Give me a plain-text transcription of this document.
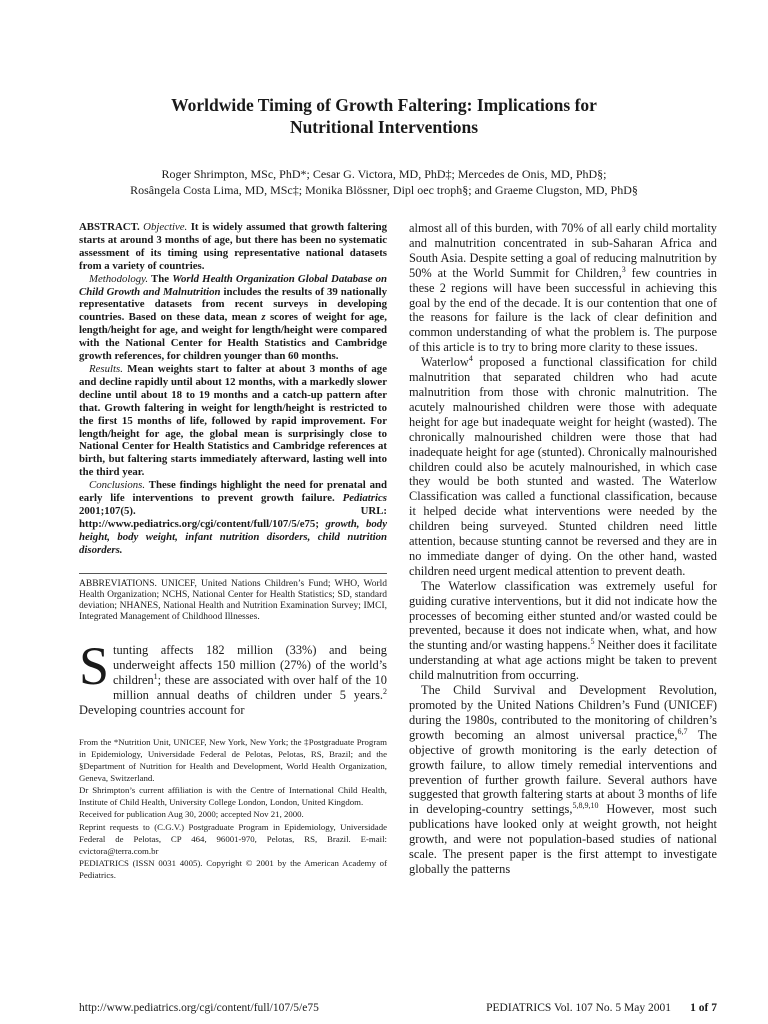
Worldwide Timing of Growth Faltering: Implications for
Nutritional Interventions
Roger Shrimpton, MSc, PhD*; Cesar G. Victora, MD, PhD‡; Mercedes de Onis, MD, PhD§;
Rosângela Costa Lima, MD, MSc‡; Monika Blössner, Dipl oec troph§; and Graeme Clugston, MD, PhD§

ABSTRACT. Objective. It is widely assumed that growth faltering starts at around 3 months of age, but there has been no systematic assessment of its timing using representative national datasets from a variety of countries.

Methodology. The World Health Organization Global Database on Child Growth and Malnutrition includes the results of 39 nationally representative datasets from recent surveys in developing countries. Based on these data, mean z scores of weight for age, length/height for age, and weight for length/height were compared with the National Center for Health Statistics and Cambridge growth references, for children younger than 60 months.

Results. Mean weights start to falter at about 3 months of age and decline rapidly until about 12 months, with a markedly slower decline until about 18 to 19 months and a catch-up pattern after that. Growth faltering in weight for length/height is restricted to the first 15 months of life, followed by rapid improvement. For length/height for age, the global mean is surprisingly close to National Center for Health Statistics and Cambridge references at birth, but faltering starts immediately afterward, lasting well into the third year.

Conclusions. These findings highlight the need for prenatal and early life interventions to prevent growth failure. Pediatrics 2001;107(5). URL: http://www.pediatrics.org/cgi/content/full/107/5/e75; growth, body height, body weight, infant nutrition disorders, child nutrition disorders.

ABBREVIATIONS. UNICEF, United Nations Children’s Fund; WHO, World Health Organization; NCHS, National Center for Health Statistics; SD, standard deviation; NHANES, National Health and Nutrition Examination Survey; IMCI, Integrated Management of Childhood Illnesses.
Stunting affects 182 million (33%) and being underweight affects 150 million (27%) of the world’s children$^1$; these are associated with over half of the 10 million annual deaths of children under 5 years.$^2$ Developing countries account for

From the *Nutrition Unit, UNICEF, New York, New York; the ‡Postgraduate Program in Epidemiology, Universidade Federal de Pelotas, Pelotas, RS, Brazil; and the §Department of Nutrition for Health and Development, World Health Organization, Geneva, Switzerland.

Dr Shrimpton’s current affiliation is with the Centre of International Child Health, Institute of Child Health, University College London, London, United Kingdom.

Received for publication Aug 30, 2000; accepted Nov 21, 2000.

Reprint requests to (C.G.V.) Postgraduate Program in Epidemiology, Universidade Federal de Pelotas, CP 464, 96001-970, Pelotas, RS, Brazil. E-mail: cvictora@terra.com.br

PEDIATRICS (ISSN 0031 4005). Copyright © 2001 by the American Academy of Pediatrics.

almost all of this burden, with 70% of all early child mortality and malnutrition concentrated in sub-Saharan Africa and South Asia. Despite setting a goal of reducing malnutrition by 50% at the World Summit for Children,$^3$ few countries in these 2 regions will have been successful in achieving this goal by the end of the decade. It is our contention that one of the reasons for failure is the lack of clear definition and common understanding of what the problem is. The purpose of this article is to try to bring more clarity to these issues.

Waterlow$^4$ proposed a functional classification for child malnutrition that separated children who had acute malnutrition from those with chronic malnutrition. The acutely malnourished children were those with adequate height for age but inadequate weight for height (wasted). The chronically malnourished children were those that had inadequate height for age (stunted). Chronically malnourished children could also be acutely malnourished, in which case they would be both stunted and wasted. The Waterlow Classification was called a functional classification, because it helped decide what interventions were needed by the children being surveyed. Stunted children need little attention, because stunting cannot be reversed and they are in no immediate danger of dying. On the other hand, wasted children need urgent medical attention to prevent death.

The Waterlow classification was extremely useful for guiding curative interventions, but it did not indicate how the processes of becoming either stunted and/or wasted could be prevented, because it does not indicate when, what, and how the stunting and/or wasting happens.$^5$ Neither does it facilitate understanding at what age actions might be taken to prevent child malnutrition from occurring.

The Child Survival and Development Revolution, promoted by the United Nations Children’s Fund (UNICEF) during the 1980s, contributed to the monitoring of children’s growth becoming an almost universal practice,$^{6,7}$ The objective of growth monitoring is the early detection of growth failure, to allow timely remedial interventions and prevention of further growth failure. Several authors have suggested that growth faltering starts at about 3 months of life in developing-country settings,$^{5,8,9,10}$ However, most such publications have looked only at weight growth, not height growth, and were not population-based studies of national scale. The present paper is the first attempt to investigate globally the patterns

http://www.pediatrics.org/cgi/content/full/107/5/e75	PEDIATRICS Vol. 107 No. 5 May 2001 1 of 7
